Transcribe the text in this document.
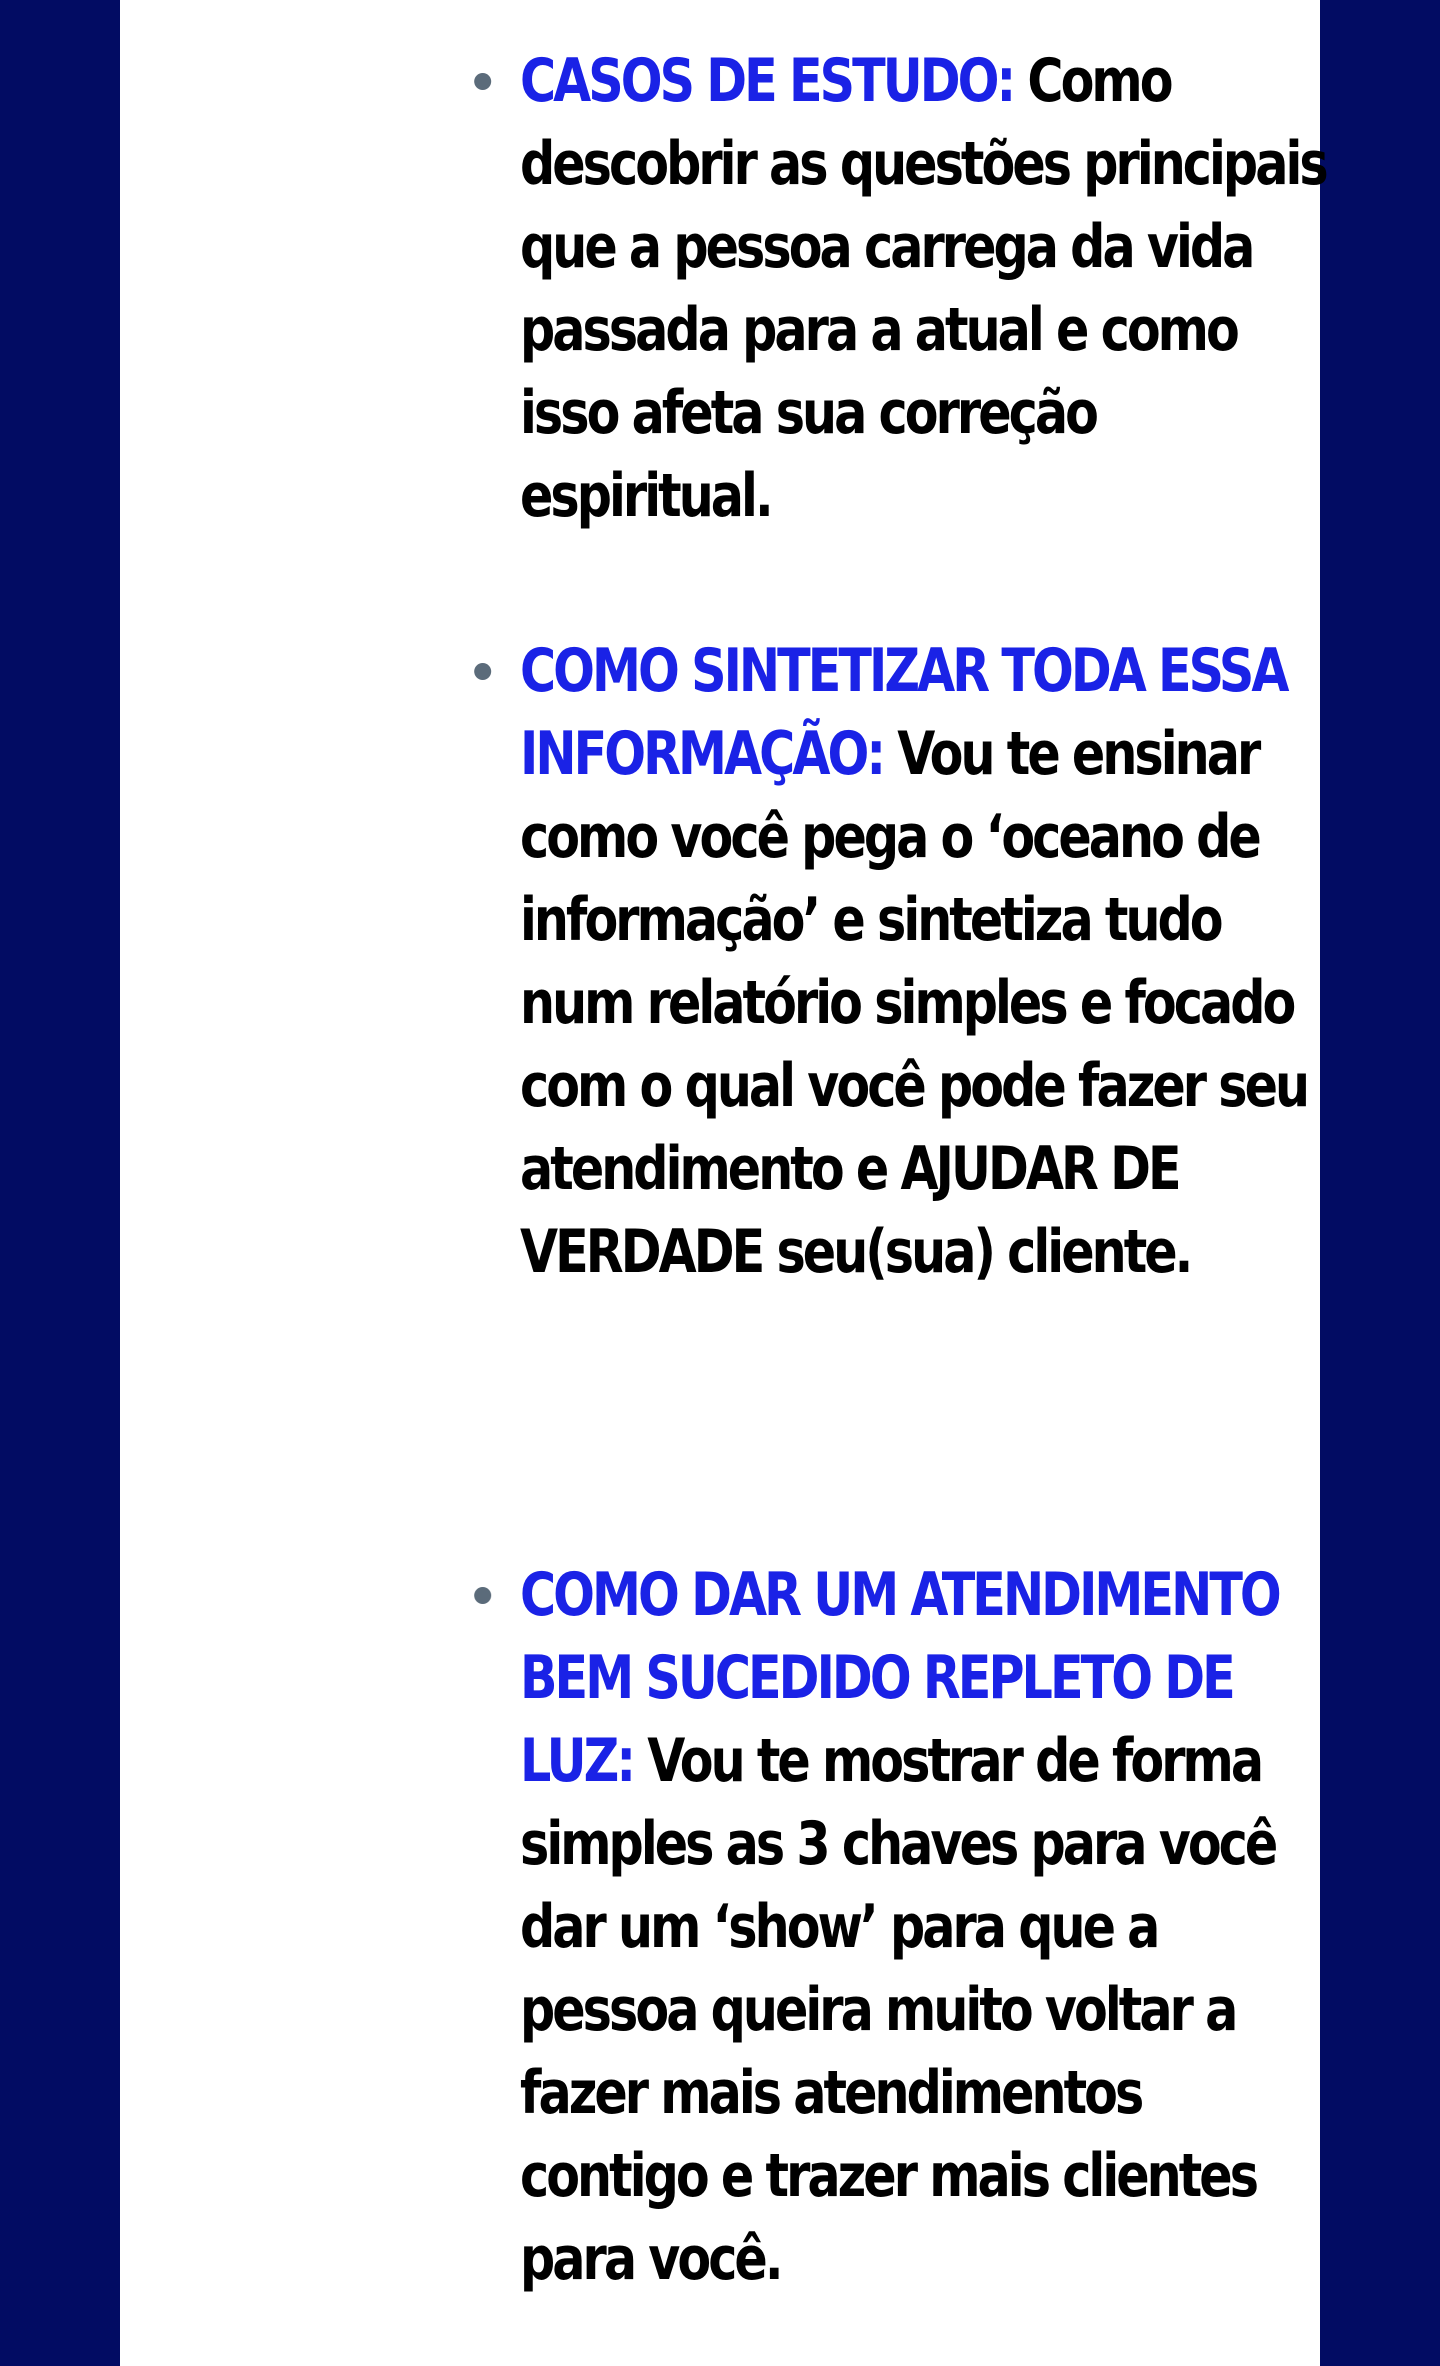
CASOS DE ESTUDO: Como descobrir as questões principais que a pessoa carrega da vida passada para a atual e como isso afeta sua correção espiritual.
COMO SINTETIZAR TODA ESSA INFORMAÇÃO: Vou te ensinar como você pega o ‘oceano de informação’ e sintetiza tudo num relatório simples e focado com o qual você pode fazer seu atendimento e AJUDAR DE VERDADE seu(sua) cliente.
COMO DAR UM ATENDIMENTO BEM SUCEDIDO REPLETO DE LUZ: Vou te mostrar de forma simples as 3 chaves para você dar um ‘show’ para que a pessoa queira muito voltar a fazer mais atendimentos contigo e trazer mais clientes para você.
